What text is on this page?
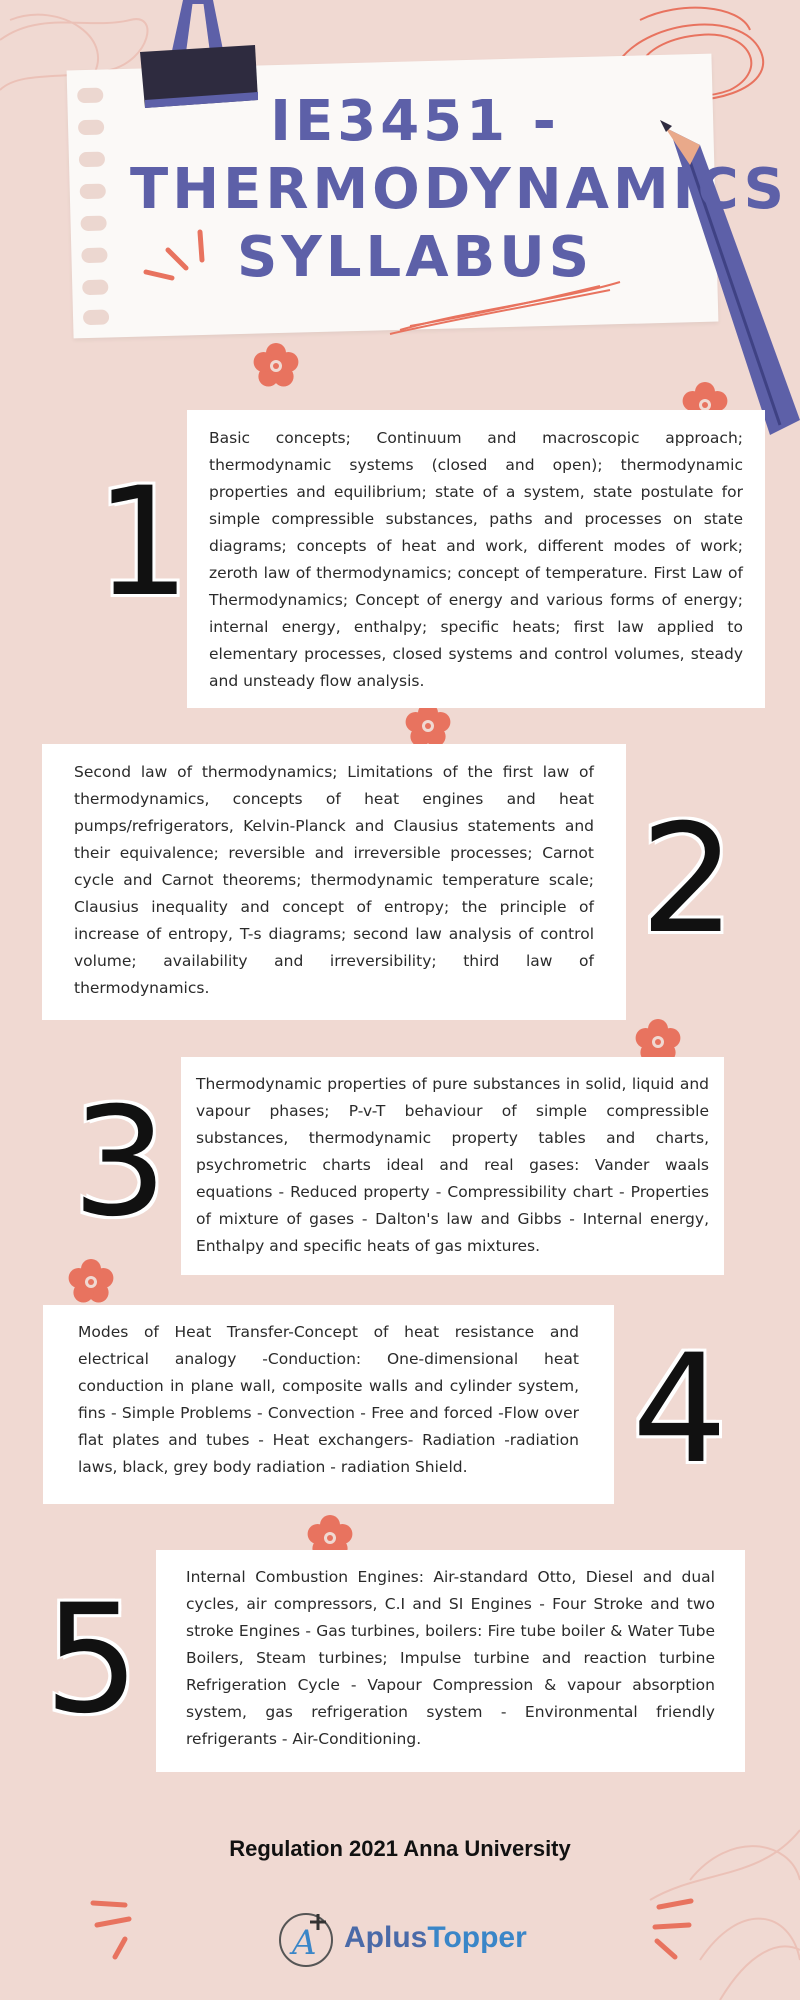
IE3451 -
THERMODYNAMICS
SYLLABUS

Basic concepts; Continuum and macroscopic approach; thermodynamic systems (closed and open); thermodynamic properties and equilibrium; state of a system, state postulate for simple compressible substances, paths and processes on state diagrams; concepts of heat and work, different modes of work; zeroth law of thermodynamics; concept of temperature. First Law of Thermodynamics; Concept of energy and various forms of energy; internal energy, enthalpy; specific heats; first law applied to elementary processes, closed systems and control volumes, steady and unsteady flow analysis.

1

Second law of thermodynamics; Limitations of the first law of thermodynamics, concepts of heat engines and heat pumps/refrigerators, Kelvin-Planck and Clausius statements and their equivalence; reversible and irreversible processes; Carnot cycle and Carnot theorems; thermodynamic temperature scale; Clausius inequality and concept of entropy; the principle of increase of entropy, T-s diagrams; second law analysis of control volume; availability and irreversibility; third law of thermodynamics.

2

Thermodynamic properties of pure substances in solid, liquid and vapour phases; P-v-T behaviour of simple compressible substances, thermodynamic property tables and charts, psychrometric charts ideal and real gases: Vander waals equations - Reduced property - Compressibility chart - Properties of mixture of gases - Dalton's law and Gibbs - Internal energy, Enthalpy and specific heats of gas mixtures.

3

Modes of Heat Transfer-Concept of heat resistance and electrical analogy -Conduction: One-dimensional heat conduction in plane wall, composite walls and cylinder system, fins - Simple Problems - Convection - Free and forced -Flow over flat plates and tubes - Heat exchangers- Radiation -radiation laws, black, grey body radiation - radiation Shield.	4

Internal Combustion Engines: Air-standard Otto, Diesel and dual cycles, air compressors, C.I and SI Engines - Four Stroke and two stroke Engines - Gas turbines, boilers: Fire tube boiler & Water Tube Boilers, Steam turbines; Impulse turbine and reaction turbine Refrigeration Cycle - Vapour Compression & vapour absorption system, gas refrigeration system - Environmental friendly refrigerants - Air-Conditioning.

5
Regulation 2021 Anna University
A AplusTopper
